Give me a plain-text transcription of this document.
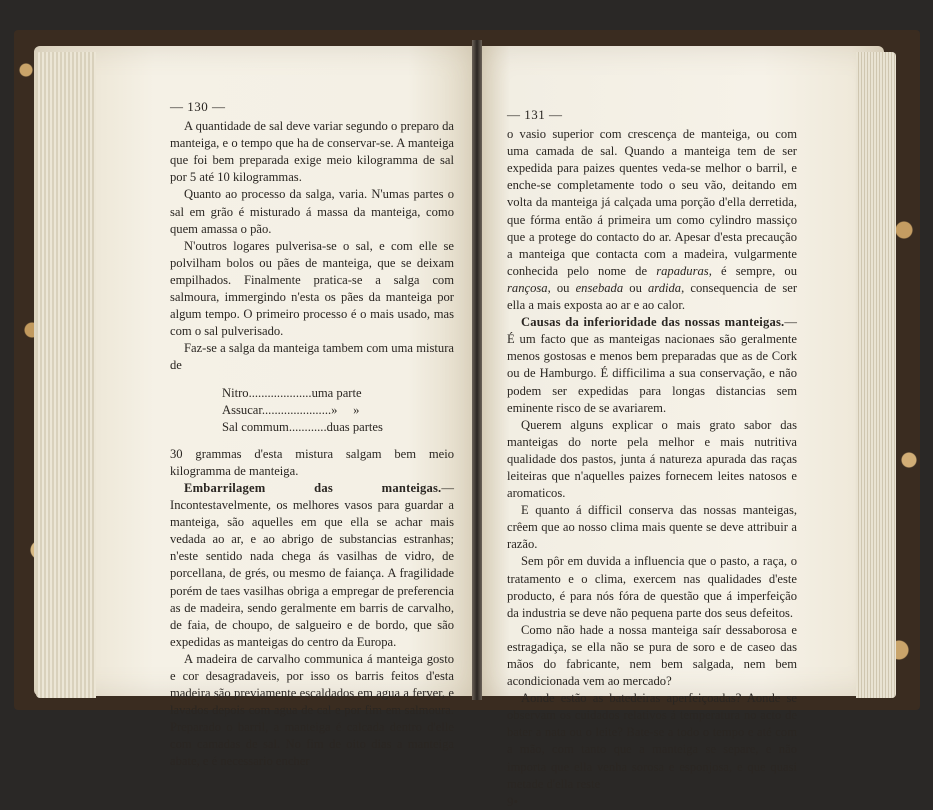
— 130 —

A quantidade de sal deve variar segundo o preparo da manteiga, e o tempo que ha de conservar-se. A manteiga que foi bem preparada exige meio kilogramma de sal por 5 até 10 kilogrammas.

Quanto ao processo da salga, varia. N'umas partes o sal em grão é misturado á massa da manteiga, como quem amassa o pão.

N'outros logares pulverisa-se o sal, e com elle se polvilham bolos ou pães de manteiga, que se deixam empilhados. Finalmente pratica-se a salga com salmoura, immergindo n'esta os pães da manteiga por algum tempo. O primeiro processo é o mais usado, mas com o sal pulverisado.

Faz-se a salga da manteiga tambem com uma mistura de

Nitro....................uma parte
Assucar......................»     »
Sal commum............duas partes

30 grammas d'esta mistura salgam bem meio kilogramma de manteiga.

Embarrilagem das manteigas.—Incontestavelmente, os melhores vasos para guardar a manteiga, são aquelles em que ella se achar mais vedada ao ar, e ao abrigo de substancias estranhas; n'este sentido nada chega ás vasilhas de vidro, de porcellana, de grés, ou mesmo de faiança. A fragilidade porém de taes vasilhas obriga a empregar de preferencia as de madeira, sendo geralmente em barris de carvalho, de faia, de choupo, de salgueiro e de bordo, que são expedidas as manteigas do centro da Europa.

A madeira de carvalho communica á manteiga gosto e cor desagradaveis, por isso os barris feitos d'esta madeira são previamente escaldados em agua a ferver, e lavados depois com agua de cal e por fim em salmoura. Preparado o barril, a manteiga é calcada dentro d'elle com camadas de sal. No fim de oito dias a manteiga abate, e é necessario encher

— 131 —

o vasio superior com crescença de manteiga, ou com uma camada de sal. Quando a manteiga tem de ser expedida para paizes quentes veda-se melhor o barril, e enche-se completamente todo o seu vão, deitando em volta da manteiga já calçada uma porção d'ella derretida, que fórma então á primeira um como cylindro massiço que a protege do contacto do ar. Apesar d'esta precaução a manteiga que contacta com a madeira, vulgarmente conhecida pelo nome de rapaduras, é sempre, ou rançosa, ou ensebada ou ardida, consequencia de ser ella a mais exposta ao ar e ao calor.

Causas da inferioridade das nossas manteigas.—É um facto que as manteigas nacionaes são geralmente menos gostosas e menos bem preparadas que as de Cork ou de Hamburgo. É difficilima a sua conservação, e não podem ser expedidas para longas distancias sem eminente risco de se avariarem.

Querem alguns explicar o mais grato sabor das manteigas do norte pela melhor e mais nutritiva qualidade dos pastos, junta á natureza apurada das raças leiteiras que n'aquelles paizes fornecem leites natosos e aromaticos.

E quanto á difficil conserva das nossas manteigas, crêem que ao nosso clima mais quente se deve attribuir a razão.

Sem pôr em duvida a influencia que o pasto, a raça, o tratamento e o clima, exercem nas qualidades d'este producto, é para nós fóra de questão que á imperfeição da industria se deve não pequena parte dos seus defeitos.

Como não hade a nossa manteiga saír dessaborosa e estragadiça, se ella não se pura de soro e de caseo das mãos do fabricante, nem bem salgada, nem bem acondicionada vem ao mercado?

Aonde estão as batedeiras aperfeiçoadas? Aonde se observam os cuidados relativos á temperatura no acto de bater a nata ou o leite? Bate-se a todo o tempo e até com a mão, com tanto que a manteiga se separe, e não importa que ella venha sorosa e esponjosa, e que quasi metade d'ella reste

9•
